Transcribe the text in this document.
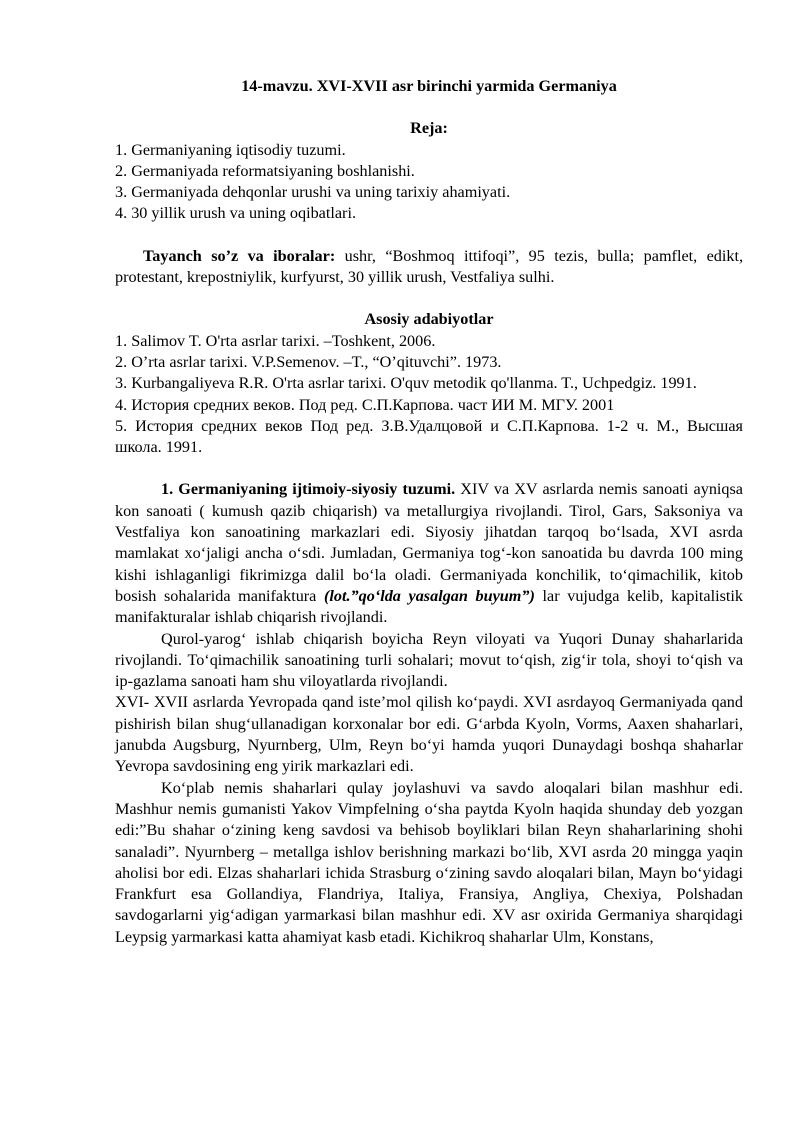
14-mavzu. XVI-XVII asr birinchi yarmida Germaniya

Reja:

1. Germaniyaning iqtisodiy tuzumi.

2. Germaniyada reformatsiyaning boshlanishi.

3. Germaniyada dehqonlar urushi va uning tarixiy ahamiyati.

4. 30 yillik urush va uning oqibatlari.

Tayanch so’z va iboralar: ushr, “Boshmoq ittifoqi”, 95 tezis, bulla; pamflet, edikt, protestant, krepostniylik, kurfyurst, 30 yillik urush, Vestfaliya sulhi.

Asosiy adabiyotlar

1. Salimov T. O'rta asrlar tarixi. –Toshkent, 2006.

2. O’rta asrlar tarixi. V.P.Semenov. –T., “O’qituvchi”. 1973.

3. Kurbangaliyeva R.R. O'rta asrlar tarixi. O'quv metodik qo'llanma. T., Uchpedgiz. 1991.

4. История средних веков. Под ред. С.П.Карпова. част ИИ М. МГУ. 2001

5. История средних веков Под ред. З.В.Удалцовой и С.П.Карпова. 1-2 ч. М., Высшая школа. 1991.

1. Germaniyaning ijtimoiy-siyosiy tuzumi. XIV va XV asrlarda nemis sanoati ayniqsa kon sanoati ( kumush qazib chiqarish) va metallurgiya rivojlandi. Tirol, Gars, Saksoniya va Vestfaliya kon sanoatining markazlari edi. Siyosiy jihatdan tarqoq bo‘lsada, XVI asrda mamlakat xo‘jaligi ancha o‘sdi. Jumladan, Germaniya tog‘-kon sanoatida bu davrda 100 ming kishi ishlaganligi fikrimizga dalil bo‘la oladi. Germaniyada konchilik, to‘qimachilik, kitob bosish sohalarida manifaktura (lot.”qo‘lda yasalgan buyum”) lar vujudga kelib, kapitalistik manifakturalar ishlab chiqarish rivojlandi.

Qurol-yarog‘ ishlab chiqarish boyicha Reyn viloyati va Yuqori Dunay shaharlarida rivojlandi. To‘qimachilik sanoatining turli sohalari; movut to‘qish, zig‘ir tola, shoyi to‘qish va ip-gazlama sanoati ham shu viloyatlarda rivojlandi.

XVI- XVII asrlarda Yevropada qand iste’mol qilish ko‘paydi. XVI asrdayoq Germaniyada qand pishirish bilan shug‘ullanadigan korxonalar bor edi. G‘arbda Kyoln, Vorms, Aaxen shaharlari, janubda Augsburg, Nyurnberg, Ulm, Reyn bo‘yi hamda yuqori Dunaydagi boshqa shaharlar Yevropa savdosining eng yirik markazlari edi.

Ko‘plab nemis shaharlari qulay joylashuvi va savdo aloqalari bilan mashhur edi. Mashhur nemis gumanisti Yakov Vimpfelning o‘sha paytda Kyoln haqida shunday deb yozgan edi:”Bu shahar o‘zining keng savdosi va behisob boyliklari bilan Reyn shaharlarining shohi sanaladi”. Nyurnberg – metallga ishlov berishning markazi bo‘lib, XVI asrda 20 mingga yaqin aholisi bor edi. Elzas shaharlari ichida Strasburg o‘zining savdo aloqalari bilan, Mayn bo‘yidagi Frankfurt esa Gollandiya, Flandriya, Italiya, Fransiya, Angliya, Chexiya, Polshadan savdogarlarni yig‘adigan yarmarkasi bilan mashhur edi. XV asr oxirida Germaniya sharqidagi Leypsig yarmarkasi katta ahamiyat kasb etadi. Kichikroq shaharlar Ulm, Konstans,
